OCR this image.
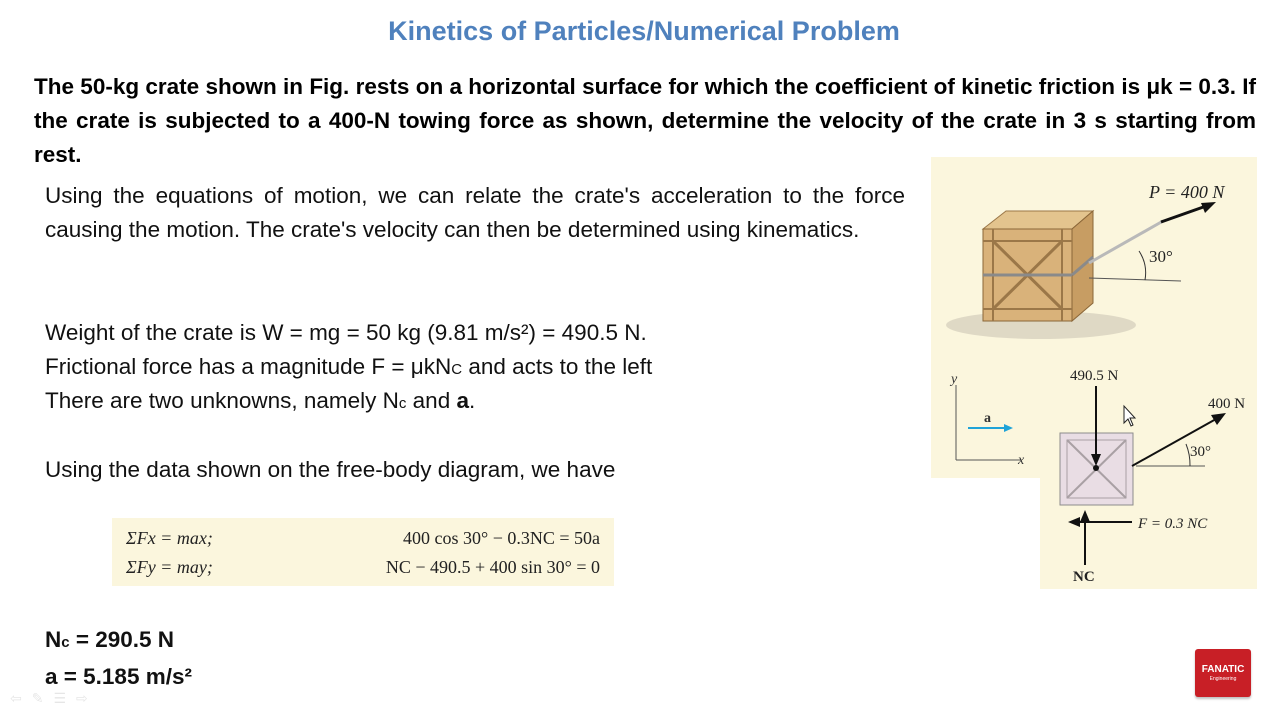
Kinetics of Particles/Numerical Problem
The 50-kg crate shown in Fig. rests on a horizontal surface for which the coefficient of kinetic friction is μk = 0.3. If the crate is subjected to a 400-N towing force as shown, determine the velocity of the crate in 3 s starting from rest.
Using the equations of motion, we can relate the crate's acceleration to the force causing the motion. The crate's velocity can then be determined using kinematics.
Weight of the crate is W = mg = 50 kg (9.81 m/s²) = 490.5 N.
Frictional force has a magnitude F = μkNC and acts to the left
There are two unknowns, namely Nc and a.
Using the data shown on the free-body diagram, we have
ΣFx = max;	400 cos 30° − 0.3NC = 50a
ΣFy = may;	NC − 490.5 + 400 sin 30° = 0
Nc = 290.5 N
a = 5.185 m/s²
30°
P = 400 N
y
x
a
490.5 N
400 N
30°
F = 0.3 NC
NC
FANATIC
Engineering
⇦ ✎ ☰ ⇨
